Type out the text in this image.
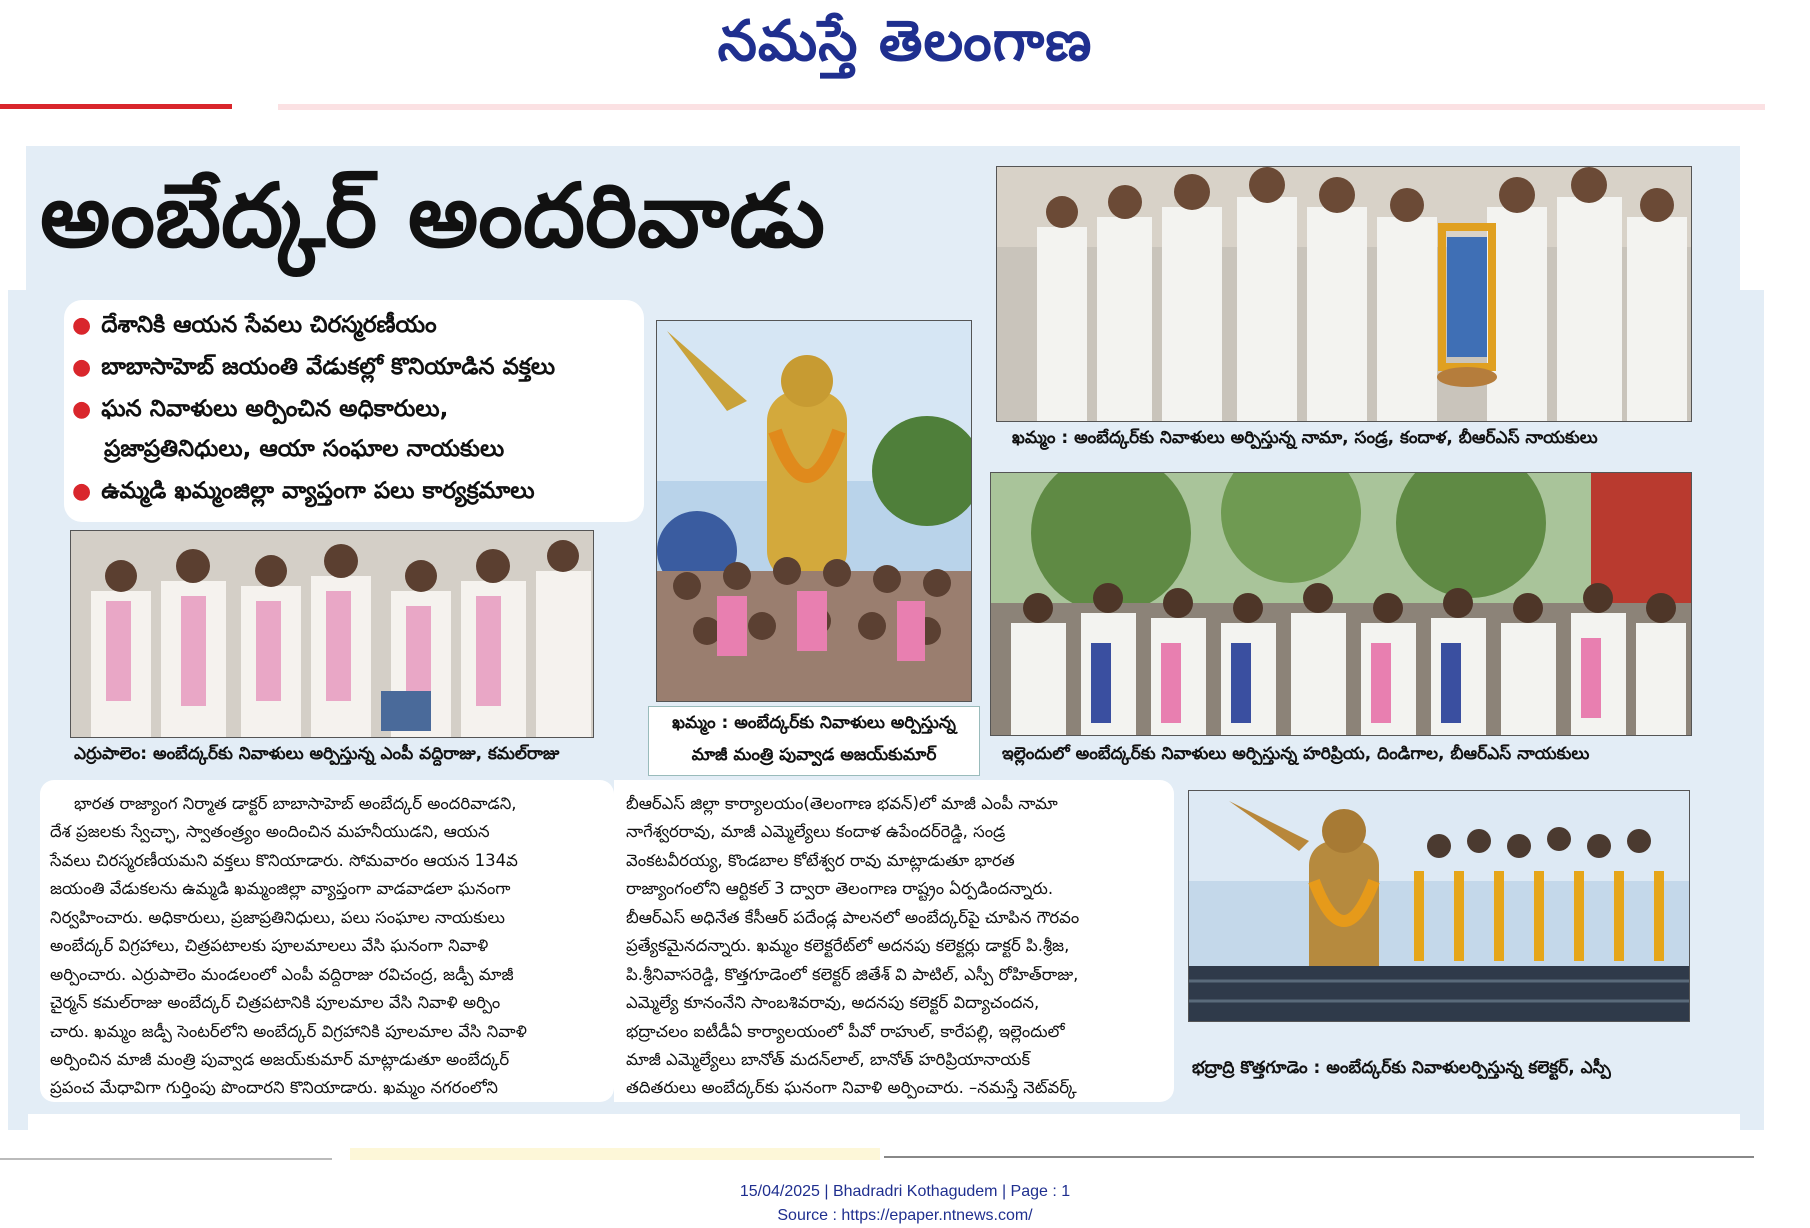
నమస్తే తెలంగాణ
అంబేద్కర్ అందరివాడు
● దేశానికి ఆయన సేవలు చిరస్మరణీయం
● బాబాసాహెబ్ జయంతి వేడుకల్లో కొనియాడిన వక్తలు
● ఘన నివాళులు అర్పించిన అధికారులు,
ప్రజాప్రతినిధులు, ఆయా సంఘాల నాయకులు
● ఉమ్మడి ఖమ్మంజిల్లా వ్యాప్తంగా పలు కార్యక్రమాలు
ఖమ్మం : అంబేద్కర్‌కు నివాళులు అర్పిస్తున్న నామా, సండ్ర, కందాళ, బీఆర్ఎస్ నాయకులు
ఖమ్మం : అంబేద్కర్‌కు నివాళులు అర్పిస్తున్న
మాజీ మంత్రి పువ్వాడ అజయ్‌కుమార్
ఎర్రుపాలెం: అంబేద్కర్‌కు నివాళులు అర్పిస్తున్న ఎంపీ వద్దిరాజు, కమల్‌రాజు	ఇల్లెందులో అంబేద్కర్‌కు నివాళులు అర్పిస్తున్న హరిప్రియ, దిండిగాల, బీఆర్ఎస్ నాయకులు
భద్రాద్రి కొత్తగూడెం : అంబేద్కర్‌కు నివాళులర్పిస్తున్న కలెక్టర్, ఎస్పీ
భారత రాజ్యాంగ నిర్మాత డాక్టర్ బాబాసాహెబ్ అంబేద్కర్ అందరివాడని,
దేశ ప్రజలకు స్వేచ్ఛా, స్వాతంత్ర్యం అందించిన మహనీయుడని, ఆయన
సేవలు చిరస్మరణీయమని వక్తలు కొనియాడారు. సోమవారం ఆయన 134వ
జయంతి వేడుకలను ఉమ్మడి ఖమ్మంజిల్లా వ్యాప్తంగా వాడవాడలా ఘనంగా
నిర్వహించారు. అధికారులు, ప్రజాప్రతినిధులు, పలు సంఘాల నాయకులు
అంబేద్కర్ విగ్రహాలు, చిత్రపటాలకు పూలమాలలు వేసి ఘనంగా నివాళి
అర్పించారు. ఎర్రుపాలెం మండలంలో ఎంపీ వద్దిరాజు రవిచంద్ర, జడ్పీ మాజీ
చైర్మన్ కమల్‌రాజు అంబేద్కర్ చిత్రపటానికి పూలమాల వేసి నివాళి అర్పిం
చారు. ఖమ్మం జడ్పీ సెంటర్‌లోని అంబేద్కర్ విగ్రహానికి పూలమాల వేసి నివాళి
అర్పించిన మాజీ మంత్రి పువ్వాడ అజయ్‌కుమార్ మాట్లాడుతూ అంబేద్కర్
ప్రపంచ మేధావిగా గుర్తింపు పొందారని కొనియాడారు. ఖమ్మం నగరంలోని
బీఆర్ఎస్ జిల్లా కార్యాలయం(తెలంగాణ భవన్)లో మాజీ ఎంపీ నామా
నాగేశ్వరరావు, మాజీ ఎమ్మెల్యేలు కందాళ ఉపేందర్‌రెడ్డి, సండ్ర
వెంకటవీరయ్య, కొండబాల కోటేశ్వర రావు మాట్లాడుతూ భారత
రాజ్యాంగంలోని ఆర్టికల్ 3 ద్వారా తెలంగాణ రాష్ట్రం ఏర్పడిందన్నారు.
బీఆర్ఎస్ అధినేత కేసీఆర్ పదేండ్ల పాలనలో అంబేద్కర్‌పై చూపిన గౌరవం
ప్రత్యేకమైనదన్నారు. ఖమ్మం కలెక్టరేట్‌లో అదనపు కలెక్టర్లు డాక్టర్ పి.శ్రీజ,
పి.శ్రీనివాసరెడ్డి, కొత్తగూడెంలో కలెక్టర్ జితేశ్ వి పాటిల్, ఎస్పీ రోహిత్‌రాజు,
ఎమ్మెల్యే కూనంనేని సాంబశివరావు, అదనపు కలెక్టర్ విద్యాచందన,
భద్రాచలం ఐటీడీఏ కార్యాలయంలో పీవో రాహుల్, కారేపల్లి, ఇల్లెందులో
మాజీ ఎమ్మెల్యేలు బానోత్ మదన్‌లాల్, బానోత్ హరిప్రియానాయక్
తదితరులు అంబేద్కర్‌కు ఘనంగా నివాళి అర్పించారు. –నమస్తే నెట్‌వర్క్
15/04/2025 | Bhadradri Kothagudem | Page : 1
Source : https://epaper.ntnews.com/
